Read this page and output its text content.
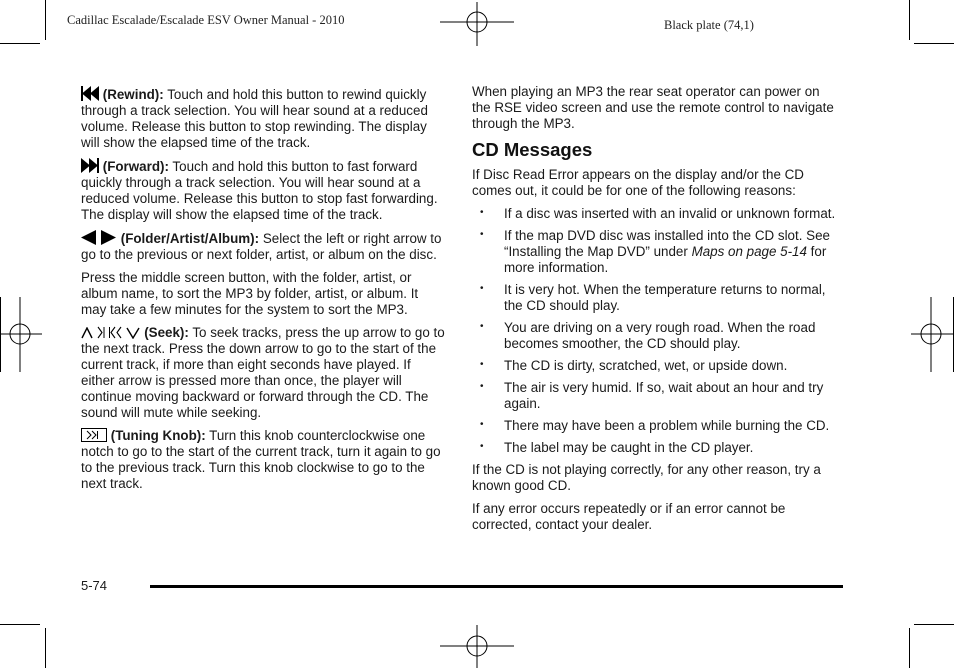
Cadillac Escalade/Escalade ESV Owner Manual - 2010	Black plate (74,1)

(Rewind): Touch and hold this button to rewind quickly through a track selection. You will hear sound at a reduced volume. Release this button to stop rewinding. The display will show the elapsed time of the track.

(Forward): Touch and hold this button to fast forward quickly through a track selection. You will hear sound at a reduced volume. Release this button to stop fast forwarding. The display will show the elapsed time of the track.

(Folder/Artist/Album): Select the left or right arrow to go to the previous or next folder, artist, or album on the disc.

Press the middle screen button, with the folder, artist, or album name, to sort the MP3 by folder, artist, or album. It may take a few minutes for the system to sort the MP3.

(Seek): To seek tracks, press the up arrow to go to the next track. Press the down arrow to go to the start of the current track, if more than eight seconds have played. If either arrow is pressed more than once, the player will continue moving backward or forward through the CD. The sound will mute while seeking.

(Tuning Knob): Turn this knob counterclockwise one notch to go to the start of the current track, turn it again to go to the previous track. Turn this knob clockwise to go to the next track.

When playing an MP3 the rear seat operator can power on the RSE video screen and use the remote control to navigate through the MP3.

CD Messages

If Disc Read Error appears on the display and/or the CD comes out, it could be for one of the following reasons:

• If a disc was inserted with an invalid or unknown format.
• If the map DVD disc was installed into the CD slot. See “Installing the Map DVD” under Maps on page 5-14 for more information.
• It is very hot. When the temperature returns to normal, the CD should play.
• You are driving on a very rough road. When the road becomes smoother, the CD should play.
• The CD is dirty, scratched, wet, or upside down.
• The air is very humid. If so, wait about an hour and try again.
• There may have been a problem while burning the CD.
• The label may be caught in the CD player.

If the CD is not playing correctly, for any other reason, try a known good CD.

If any error occurs repeatedly or if an error cannot be corrected, contact your dealer.

5-74
